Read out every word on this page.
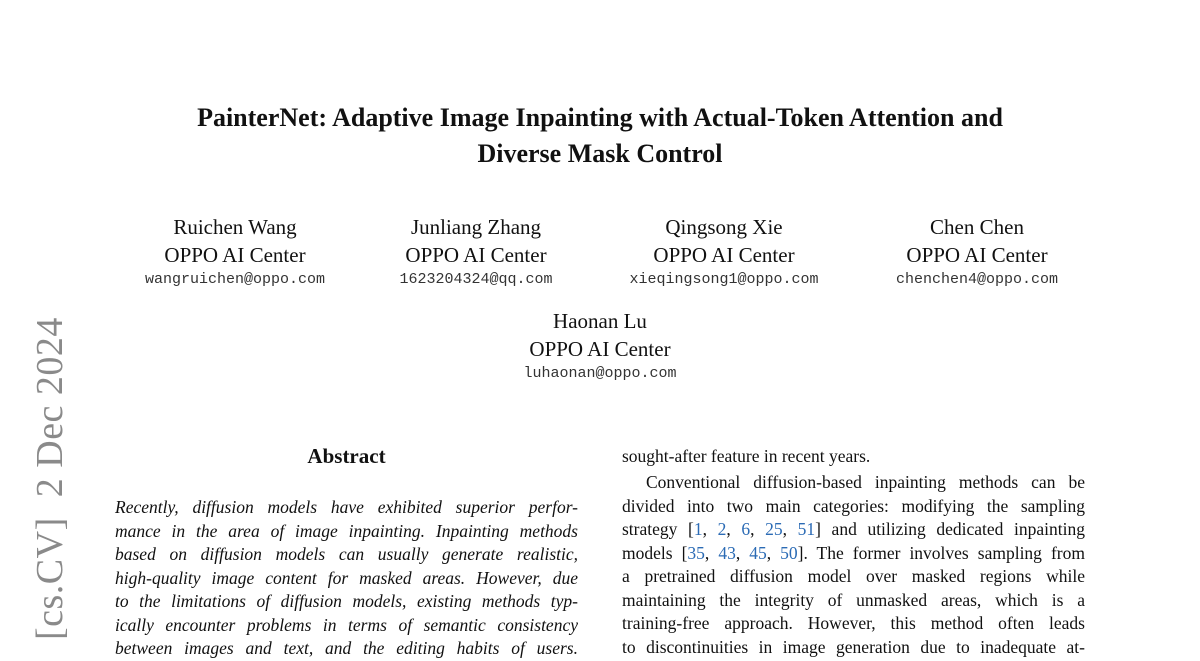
[cs.CV]  2 Dec 2024
PainterNet: Adaptive Image Inpainting with Actual-Token Attention and
Diverse Mask Control
Ruichen Wang
OPPO AI Center
wangruichen@oppo.com
Junliang Zhang
OPPO AI Center
1623204324@qq.com
Qingsong Xie
OPPO AI Center
xieqingsong1@oppo.com
Chen Chen
OPPO AI Center
chenchen4@oppo.com
Haonan Lu
OPPO AI Center
luhaonan@oppo.com
Abstract
Recently, diffusion models have exhibited superior perfor-
mance in the area of image inpainting. Inpainting methods
based on diffusion models can usually generate realistic,
high-quality image content for masked areas. However, due
to the limitations of diffusion models, existing methods typ-
ically encounter problems in terms of semantic consistency
between images and text, and the editing habits of users.
sought-after feature in recent years.
Conventional diffusion-based inpainting methods can be
divided into two main categories: modifying the sampling
strategy [1, 2, 6, 25, 51] and utilizing dedicated inpainting
models [35, 43, 45, 50]. The former involves sampling from
a pretrained diffusion model over masked regions while
maintaining the integrity of unmasked areas, which is a
training-free approach. However, this method often leads
to discontinuities in image generation due to inadequate at-
